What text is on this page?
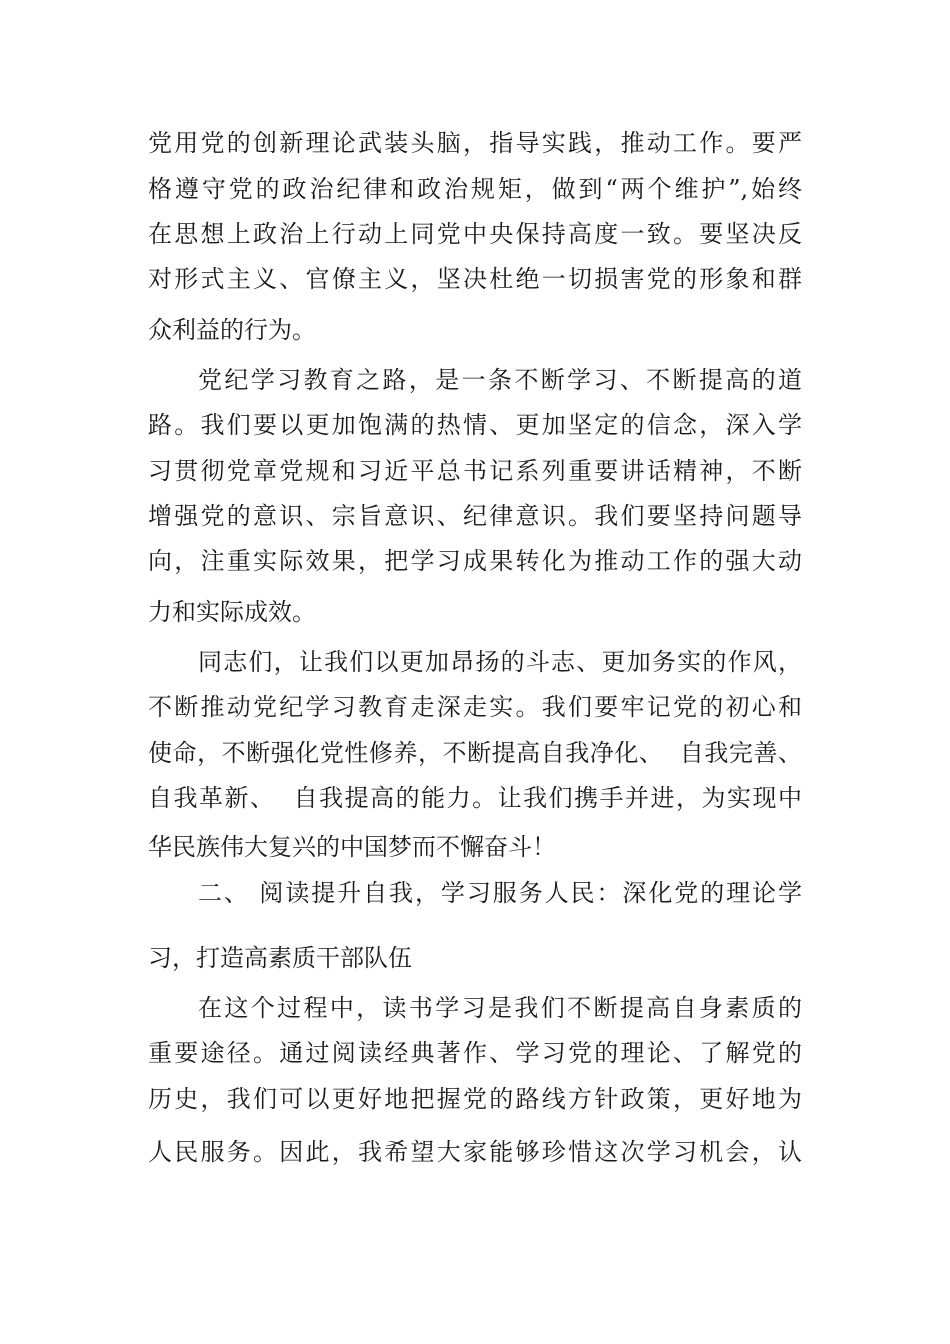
党用党的创新理论武装头脑，指导实践，推动工作。要严
格遵守党的政治纪律和政治规矩，做到“两个维护”,始终
在思想上政治上行动上同党中央保持高度一致。要坚决反
对形式主义、官僚主义，坚决杜绝一切损害党的形象和群
众利益的行为。
党纪学习教育之路，是一条不断学习、不断提高的道
路。我们要以更加饱满的热情、更加坚定的信念，深入学
习贯彻党章党规和习近平总书记系列重要讲话精神，不断
增强党的意识、宗旨意识、纪律意识。我们要坚持问题导
向，注重实际效果，把学习成果转化为推动工作的强大动
力和实际成效。
同志们，让我们以更加昂扬的斗志、更加务实的作风，
不断推动党纪学习教育走深走实。我们要牢记党的初心和
使命，不断强化党性修养，不断提高自我净化、  自我完善、
自我革新、  自我提高的能力。让我们携手并进，为实现中
华民族伟大复兴的中国梦而不懈奋斗！
二、 阅读提升自我，学习服务人民：深化党的理论学
习，打造高素质干部队伍
在这个过程中，读书学习是我们不断提高自身素质的
重要途径。通过阅读经典著作、学习党的理论、了解党的
历史，我们可以更好地把握党的路线方针政策，更好地为
人民服务。因此，我希望大家能够珍惜这次学习机会，认
